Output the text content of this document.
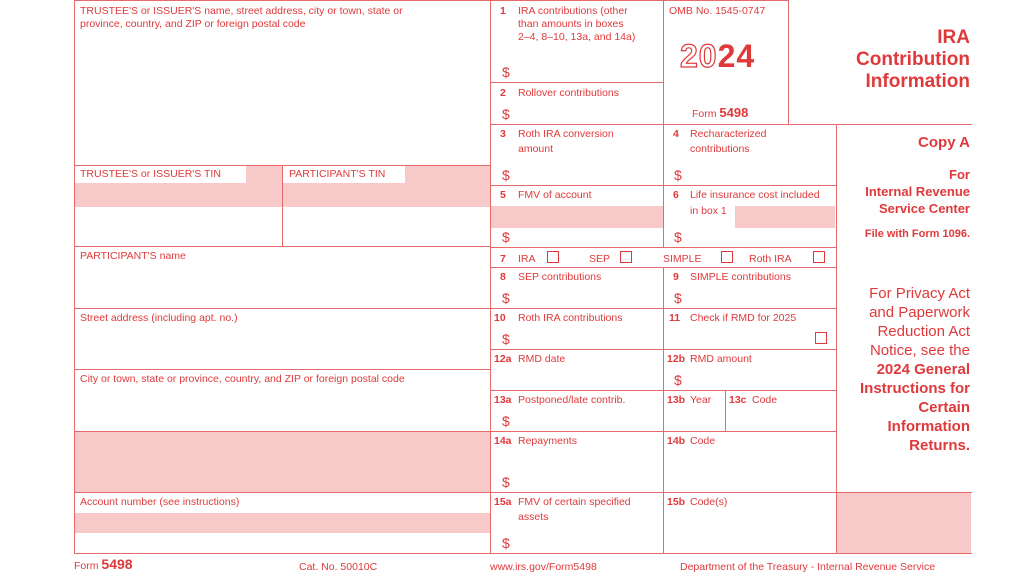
TRUSTEE'S or ISSUER'S name, street address, city or town, state or
province, country, and ZIP or foreign postal code
TRUSTEE'S or ISSUER'S TIN	PARTICIPANT'S TIN
PARTICIPANT'S name
Street address (including apt. no.)
City or town, state or province, country, and ZIP or foreign postal code
Account number (see instructions)
1 IRA contributions (other
than amounts in boxes
2–4, 8–10, 13a, and 14a)
$
2 Rollover contributions
$
OMB No. 1545-0747
2024
Form 5498
IRA
Contribution
Information
3 Roth IRA conversion
amount
$
4 Recharacterized
contributions
$
5 FMV of account
$
6 Life insurance cost included
in box 1
$
7 IRA	SEP	SIMPLE	Roth IRA
8 SEP contributions
$
9 SIMPLE contributions
$
10 Roth IRA contributions
$
11 Check if RMD for 2025
12a RMD date	12b RMD amount
$
13a Postponed/late contrib.
$
13b Year 13c Code
14a Repayments
$
14b Code
15a FMV of certain specified
assets
$
15b Code(s)
Copy A
For
Internal Revenue
Service Center
File with Form 1096.
For Privacy Act
and Paperwork
Reduction Act
Notice, see the
2024 General
Instructions for
Certain
Information
Returns.
Form 5498	Cat. No. 50010C	www.irs.gov/Form5498	Department of the Treasury - Internal Revenue Service
